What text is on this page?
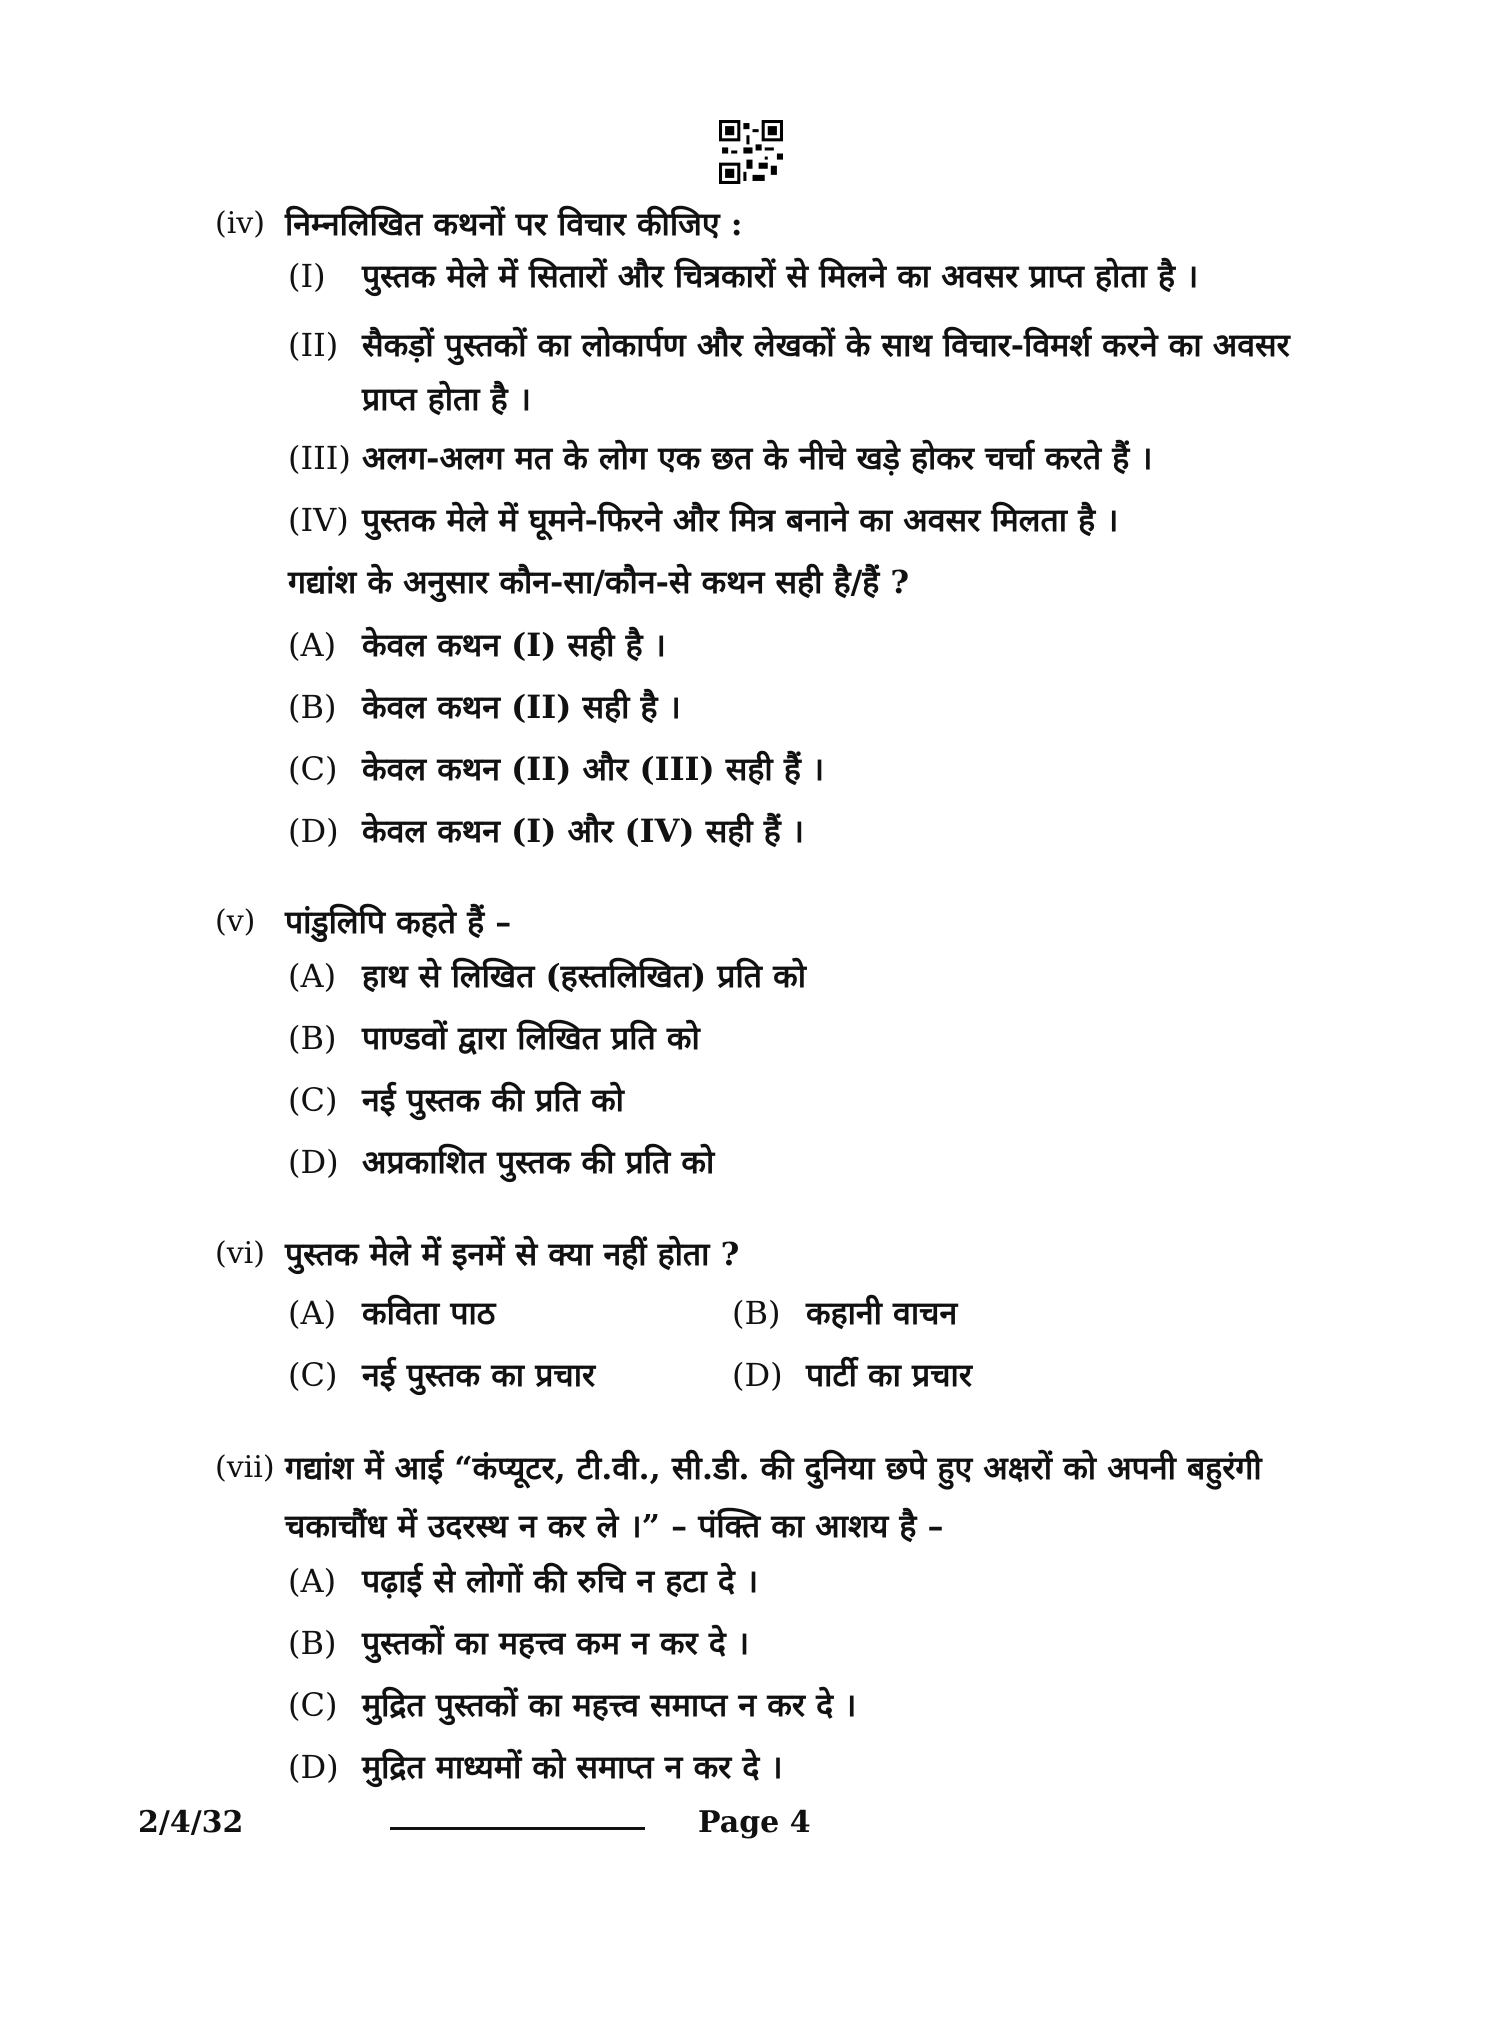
(iv) निम्नलिखित कथनों पर विचार कीजिए :
(I) पुस्तक मेले में सितारों और चित्रकारों से मिलने का अवसर प्राप्त होता है ।
(II) सैकड़ों पुस्तकों का लोकार्पण और लेखकों के साथ विचार-विमर्श करने का अवसर प्राप्त होता है ।
(III) अलग-अलग मत के लोग एक छत के नीचे खड़े होकर चर्चा करते हैं ।
(IV) पुस्तक मेले में घूमने-फिरने और मित्र बनाने का अवसर मिलता है ।
गद्यांश के अनुसार कौन-सा/कौन-से कथन सही है/हैं ?
(A) केवल कथन (I) सही है ।
(B) केवल कथन (II) सही है ।
(C) केवल कथन (II) और (III) सही हैं ।
(D) केवल कथन (I) और (IV) सही हैं ।
(v) पांडुलिपि कहते हैं –
(A) हाथ से लिखित (हस्तलिखित) प्रति को
(B) पाण्डवों द्वारा लिखित प्रति को
(C) नई पुस्तक की प्रति को
(D) अप्रकाशित पुस्तक की प्रति को
(vi) पुस्तक मेले में इनमें से क्या नहीं होता ?
(A) कविता पाठ	(B) कहानी वाचन
(C) नई पुस्तक का प्रचार	(D) पार्टी का प्रचार
(vii) गद्यांश में आई “कंप्यूटर, टी.वी., सी.डी. की दुनिया छपे हुए अक्षरों को अपनी बहुरंगी चकाचौंध में उदरस्थ न कर ले ।” – पंक्ति का आशय है –
(A) पढ़ाई से लोगों की रुचि न हटा दे ।
(B) पुस्तकों का महत्त्व कम न कर दे ।
(C) मुद्रित पुस्तकों का महत्त्व समाप्त न कर दे ।
(D) मुद्रित माध्यमों को समाप्त न कर दे ।
2/4/32	Page 4
